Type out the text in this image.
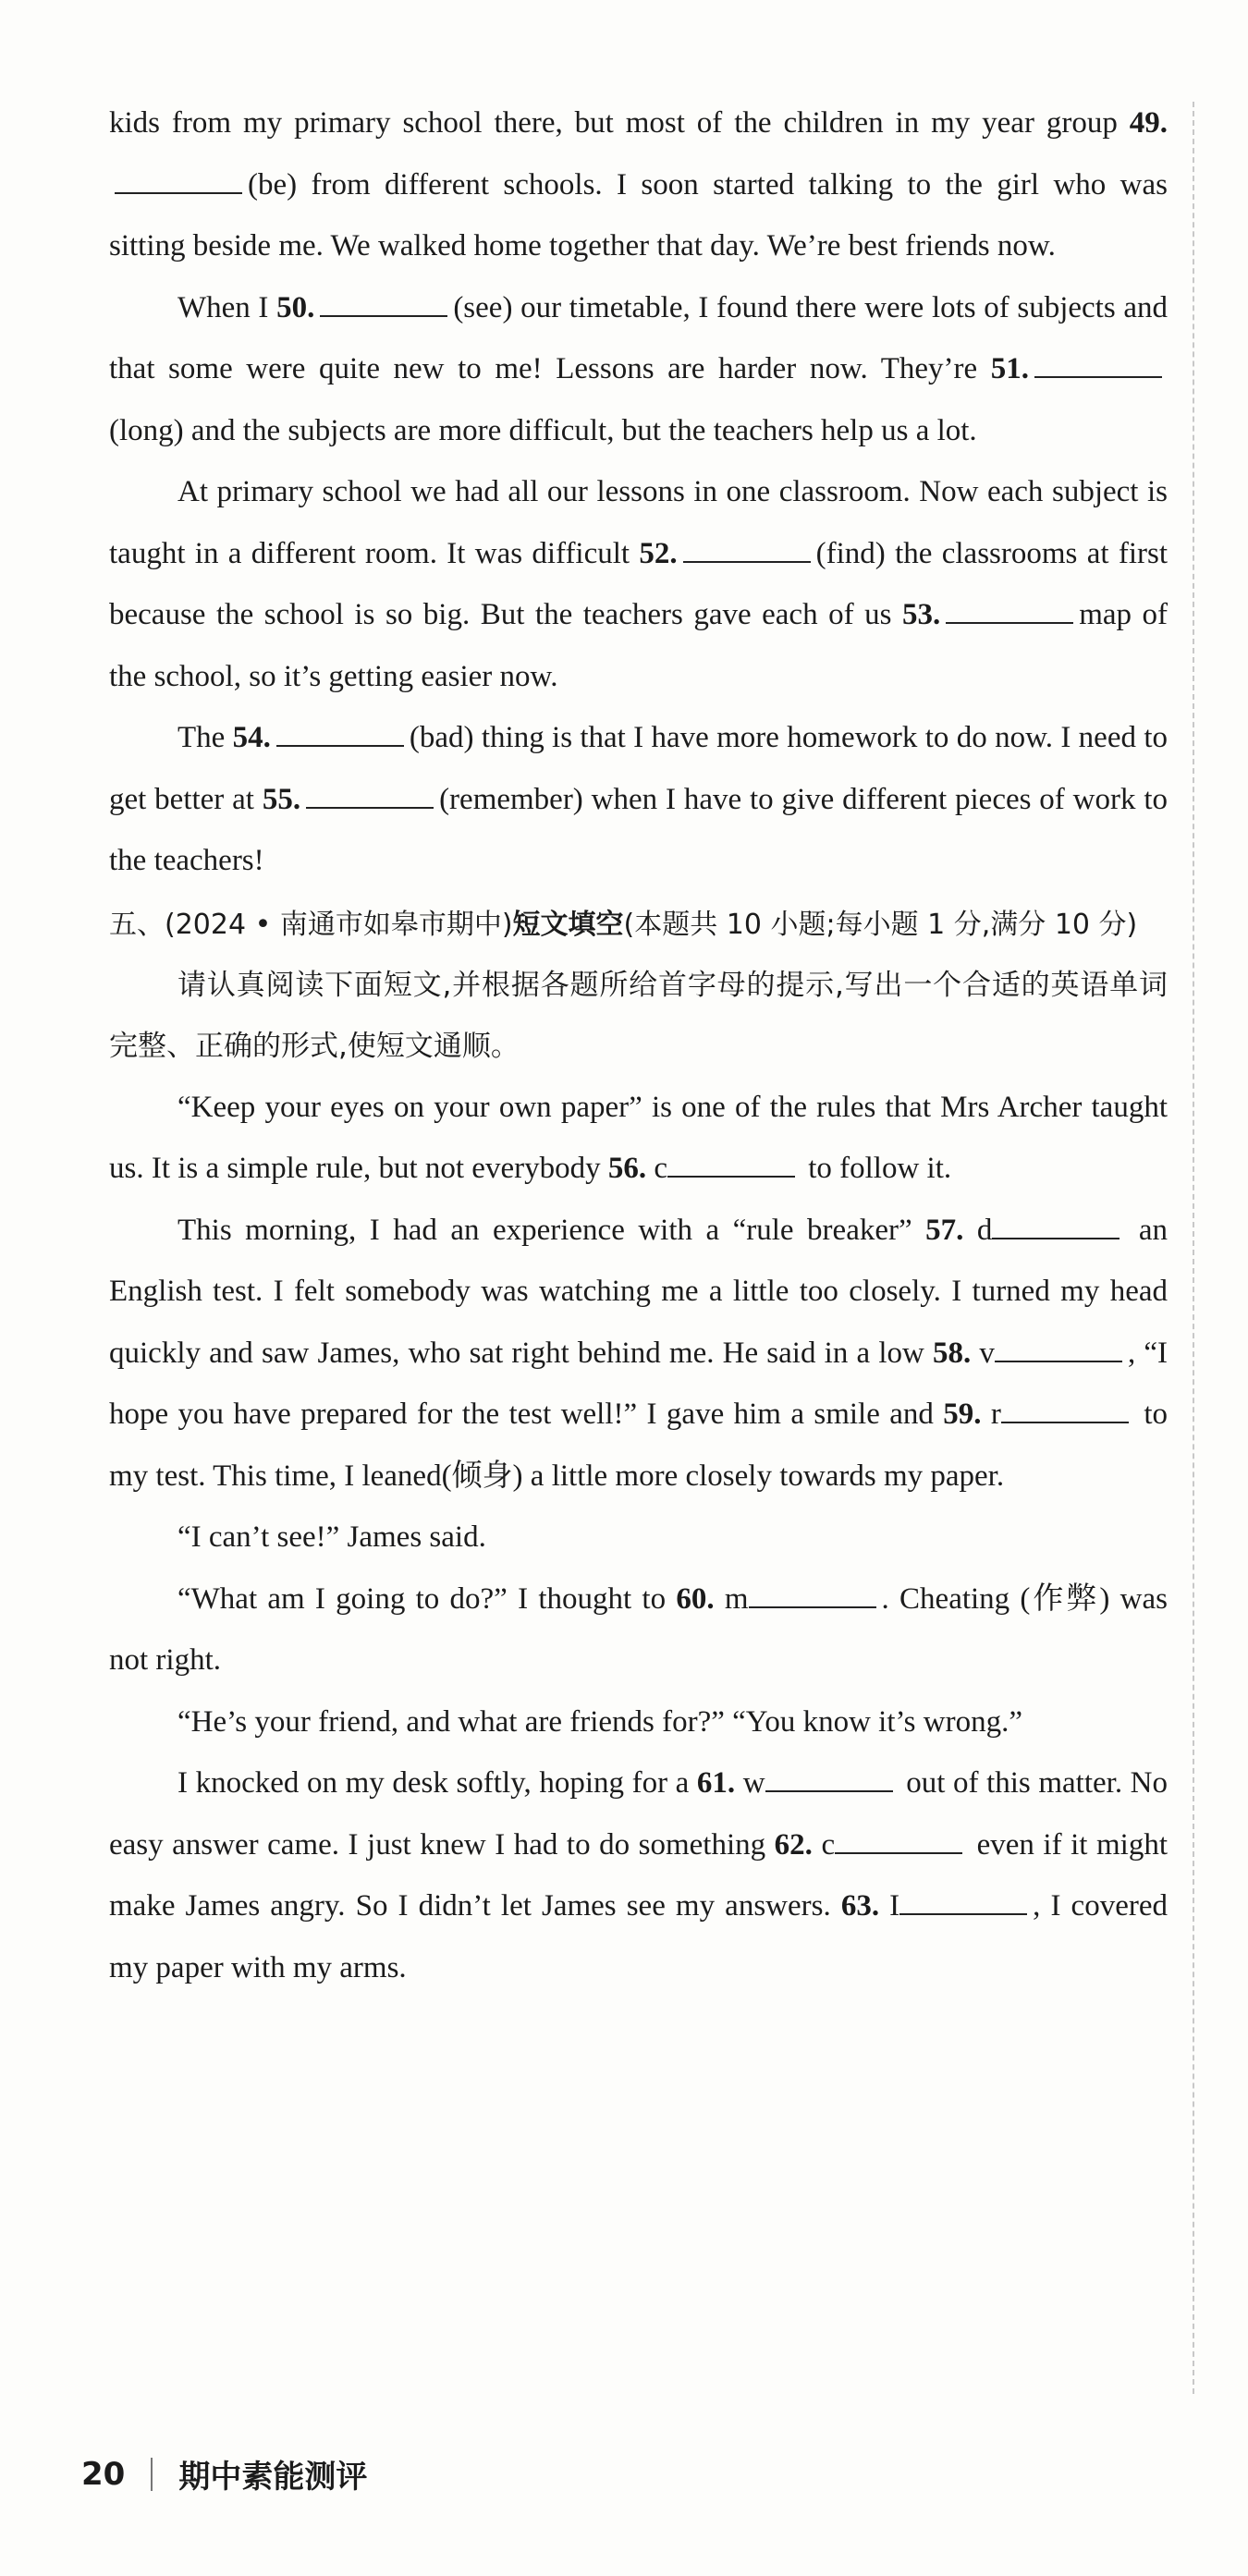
kids from my primary school there, but most of the children in my year group 49.(be) from different schools. I soon started talking to the girl who was sitting beside me. We walked home together that day. We’re best friends now.

When I 50.	(see) our timetable, I found there were lots of subjects and that some were quite new to me! Lessons are harder now. They’re 51.(long) and the subjects are more difficult, but the teachers help us a lot.

At primary school we had all our lessons in one classroom. Now each subject is taught in a different room. It was difficult 52.	(find) the classrooms at first because the school is so big. But the teachers gave each of us 53.	map of the school, so it’s getting easier now.

The 54.	(bad) thing is that I have more homework to do now. I need to get better at 55.	(remember) when I have to give different pieces of work to the teachers!

五、(2024 • 南通市如皋市期中)短文填空(本题共 10 小题;每小题 1 分,满分 10 分)

请认真阅读下面短文,并根据各题所给首字母的提示,写出一个合适的英语单词完整、正确的形式,使短文通顺。

“Keep your eyes on your own paper” is one of the rules that Mrs Archer taught us. It is a simple rule, but not everybody 56. c	to follow it.

This morning, I had an experience with a “rule breaker” 57. d	an English test. I felt somebody was watching me a little too closely. I turned my head quickly and saw James, who sat right behind me. He said in a low 58. v	, “I hope you have prepared for the test well!” I gave him a smile and 59. r	to my test. This time, I leaned(倾身) a little more closely towards my paper.

“I can’t see!” James said.

“What am I going to do?” I thought to 60. m	. Cheating (作弊) was not right.

“He’s your friend, and what are friends for?” “You know it’s wrong.”

I knocked on my desk softly, hoping for a 61. w	out of this matter. No easy answer came. I just knew I had to do something 62. c	even if it might make James angry. So I didn’t let James see my answers. 63. I	, I covered my paper with my arms.

20 期中素能测评
